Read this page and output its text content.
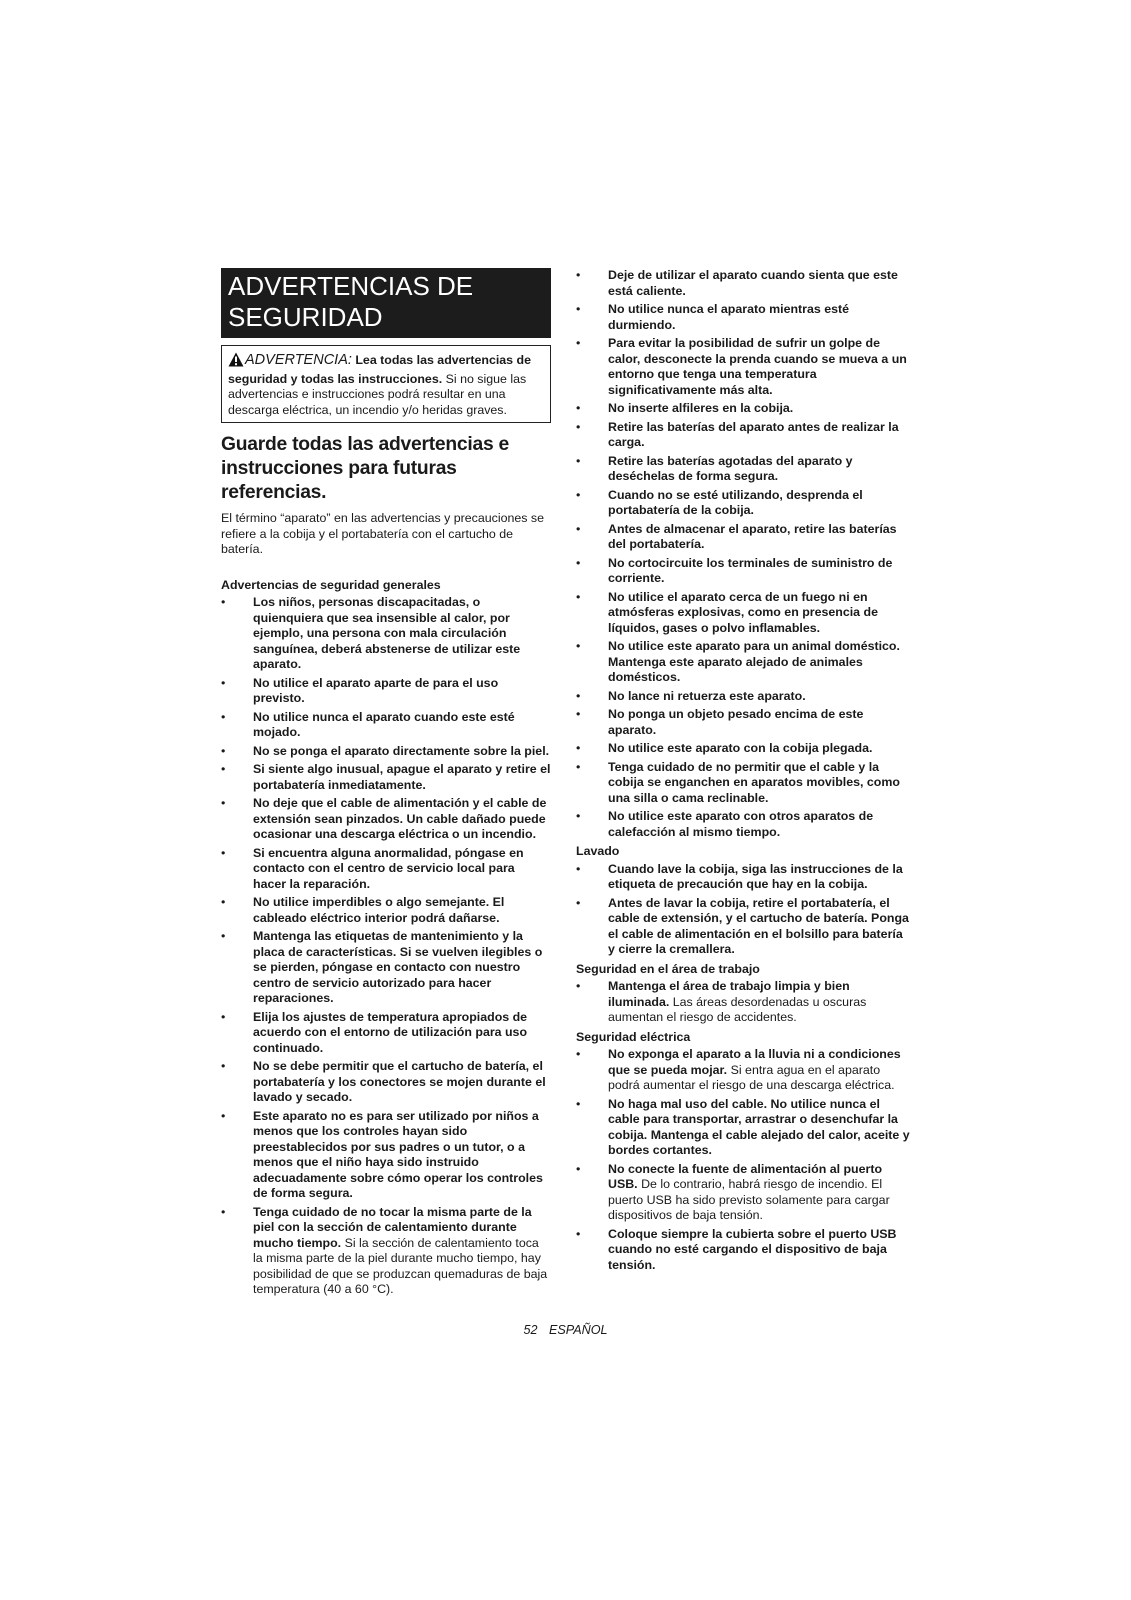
ADVERTENCIAS DE
SEGURIDAD
ADVERTENCIA: Lea todas las advertencias de seguridad y todas las instrucciones. Si no sigue las advertencias e instrucciones podrá resultar en una descarga eléctrica, un incendio y/o heridas graves.
Guarde todas las advertencias e instrucciones para futuras referencias.

El término “aparato” en las advertencias y precauciones se refiere a la cobija y el portabatería con el cartucho de batería.

Advertencias de seguridad generales
• Los niños, personas discapacitadas, o quienquiera que sea insensible al calor, por ejemplo, una persona con mala circulación sanguínea, deberá abstenerse de utilizar este aparato.
• No utilice el aparato aparte de para el uso previsto.
• No utilice nunca el aparato cuando este esté mojado.
• No se ponga el aparato directamente sobre la piel.
• Si siente algo inusual, apague el aparato y retire el portabatería inmediatamente.
• No deje que el cable de alimentación y el cable de extensión sean pinzados. Un cable dañado puede ocasionar una descarga eléctrica o un incendio.
• Si encuentra alguna anormalidad, póngase en contacto con el centro de servicio local para hacer la reparación.
• No utilice imperdibles o algo semejante. El cableado eléctrico interior podrá dañarse.
• Mantenga las etiquetas de mantenimiento y la placa de características. Si se vuelven ilegibles o se pierden, póngase en contacto con nuestro centro de servicio autorizado para hacer reparaciones.
• Elija los ajustes de temperatura apropiados de acuerdo con el entorno de utilización para uso continuado.
• No se debe permitir que el cartucho de batería, el portabatería y los conectores se mojen durante el lavado y secado.
• Este aparato no es para ser utilizado por niños a menos que los controles hayan sido preestablecidos por sus padres o un tutor, o a menos que el niño haya sido instruido adecuadamente sobre cómo operar los controles de forma segura.
• Tenga cuidado de no tocar la misma parte de la piel con la sección de calentamiento durante mucho tiempo. Si la sección de calentamiento toca la misma parte de la piel durante mucho tiempo, hay posibilidad de que se produzcan quemaduras de baja temperatura (40 a 60 °C).
• Deje de utilizar el aparato cuando sienta que este está caliente.
• No utilice nunca el aparato mientras esté durmiendo.
• Para evitar la posibilidad de sufrir un golpe de calor, desconecte la prenda cuando se mueva a un entorno que tenga una temperatura significativamente más alta.
• No inserte alfileres en la cobija.
• Retire las baterías del aparato antes de realizar la carga.
• Retire las baterías agotadas del aparato y deséchelas de forma segura.
• Cuando no se esté utilizando, desprenda el portabatería de la cobija.
• Antes de almacenar el aparato, retire las baterías del portabatería.
• No cortocircuite los terminales de suministro de corriente.
• No utilice el aparato cerca de un fuego ni en atmósferas explosivas, como en presencia de líquidos, gases o polvo inflamables.
• No utilice este aparato para un animal doméstico. Mantenga este aparato alejado de animales domésticos.
• No lance ni retuerza este aparato.
• No ponga un objeto pesado encima de este aparato.
• No utilice este aparato con la cobija plegada.
• Tenga cuidado de no permitir que el cable y la cobija se enganchen en aparatos movibles, como una silla o cama reclinable.
• No utilice este aparato con otros aparatos de calefacción al mismo tiempo.
Lavado
• Cuando lave la cobija, siga las instrucciones de la etiqueta de precaución que hay en la cobija.
• Antes de lavar la cobija, retire el portabatería, el cable de extensión, y el cartucho de batería. Ponga el cable de alimentación en el bolsillo para batería y cierre la cremallera.
Seguridad en el área de trabajo
• Mantenga el área de trabajo limpia y bien iluminada. Las áreas desordenadas u oscuras aumentan el riesgo de accidentes.
Seguridad eléctrica
• No exponga el aparato a la lluvia ni a condiciones que se pueda mojar. Si entra agua en el aparato podrá aumentar el riesgo de una descarga eléctrica.
• No haga mal uso del cable. No utilice nunca el cable para transportar, arrastrar o desenchufar la cobija. Mantenga el cable alejado del calor, aceite y bordes cortantes.
• No conecte la fuente de alimentación al puerto USB. De lo contrario, habrá riesgo de incendio. El puerto USB ha sido previsto solamente para cargar dispositivos de baja tensión.
• Coloque siempre la cubierta sobre el puerto USB cuando no esté cargando el dispositivo de baja tensión.
52 ESPAÑOL
